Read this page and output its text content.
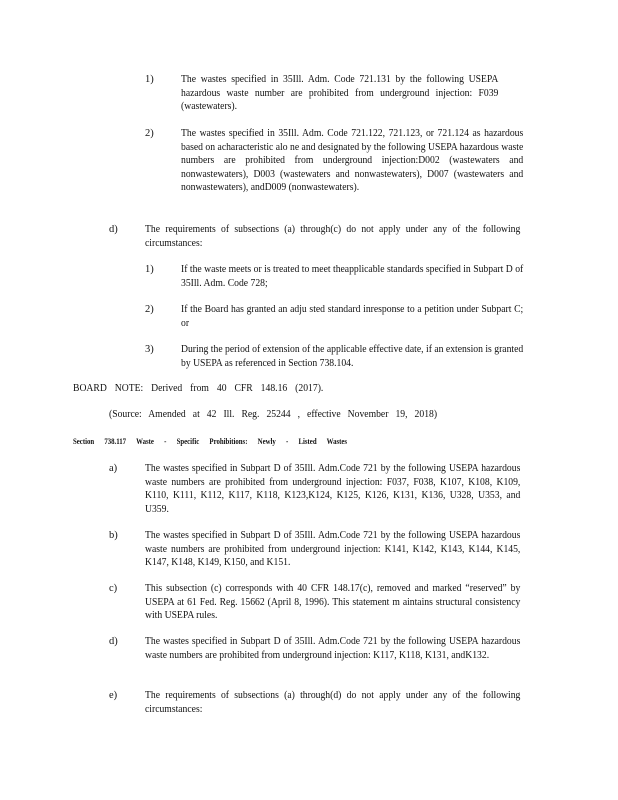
1)	The wastes specified in 35Ill. Adm. Code 721.131 by the following USEPA hazardous waste number are prohibited from underground injection: F039 (wastewaters).
2)	The wastes specified in 35Ill. Adm. Code 721.122, 721.123, or 721.124 as hazardous based on acharacteristic alo ne and designated by the following USEPA hazardous waste numbers are prohibited from underground injection:D002 (wastewaters and nonwastewaters), D003 (wastewaters and nonwastewaters), D007 (wastewaters and nonwastewaters), andD009 (nonwastewaters).
d)	The requirements of subsections (a) through(c) do not apply under any of the following circumstances:
1)	If the waste meets or is treated to meet theapplicable standards specified in Subpart D of 35Ill. Adm. Code 728;
2)	If the Board has granted an adju sted standard inresponse to a petition under Subpart C; or
3)	During the period of extension of the applicable effective date, if an extension is granted by USEPA as referenced in Section 738.104.
BOARD NOTE: Derived from 40 CFR 148.16 (2017).
(Source: Amended at 42 Ill. Reg. 25244 , effective November 19, 2018)
Section 738.117 Waste - Specific Prohibitions: Newly - Listed Wastes
a)	The wastes specified in Subpart D of 35Ill. Adm.Code 721 by the following USEPA hazardous waste numbers are prohibited from underground injection: F037, F038, K107, K108, K109, K110, K111, K112, K117, K118, K123,K124, K125, K126, K131, K136, U328, U353, and U359.
b)	The wastes specified in Subpart D of 35Ill. Adm.Code 721 by the following USEPA hazardous waste numbers are prohibited from underground injection: K141, K142, K143, K144, K145, K147, K148, K149, K150, and K151.
c)	This subsection (c) corresponds with 40 CFR 148.17(c), removed and marked “reserved” by USEPA at 61 Fed. Reg. 15662 (April 8, 1996). This statement m aintains structural consistency with USEPA rules.
d)	The wastes specified in Subpart D of 35Ill. Adm.Code 721 by the following USEPA hazardous waste numbers are prohibited from underground injection: K117, K118, K131, andK132.
e)	The requirements of subsections (a) through(d) do not apply under any of the following circumstances:
